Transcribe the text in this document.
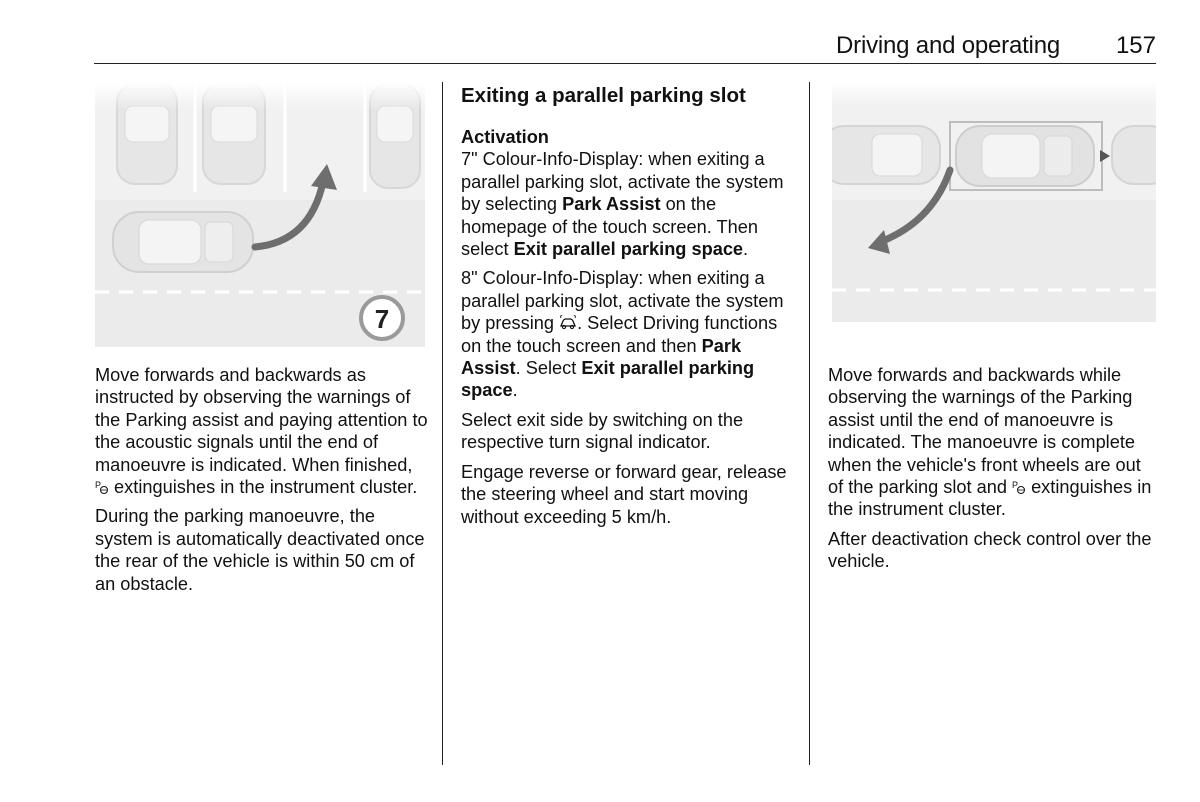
Driving and operating 157
7

Move forwards and backwards as instructed by observing the warnings of the Parking assist and paying attention to the acoustic signals until the end of manoeuvre is indicated. When finished,
P extinguishes in the instrument cluster.

During the parking manoeuvre, the system is automatically deactivated once the rear of the vehicle is within 50 cm of an obstacle.

Exiting a parallel parking slot
Activation

7" Colour-Info-Display: when exiting a parallel parking slot, activate the system by selecting Park Assist on the homepage of the touch screen. Then select Exit parallel parking space.

8" Colour-Info-Display: when exiting a parallel parking slot, activate the system by pressing . Select Driving functions on the touch screen and then Park Assist. Select Exit parallel parking space.

Select exit side by switching on the respective turn signal indicator.

Engage reverse or forward gear, release the steering wheel and start moving without exceeding 5 km/h.

Move forwards and backwards while observing the warnings of the Parking assist until the end of manoeuvre is indicated. The manoeuvre is complete when the vehicle's front wheels are out of the parking slot and P extinguishes in the instrument cluster.

After deactivation check control over the vehicle.
